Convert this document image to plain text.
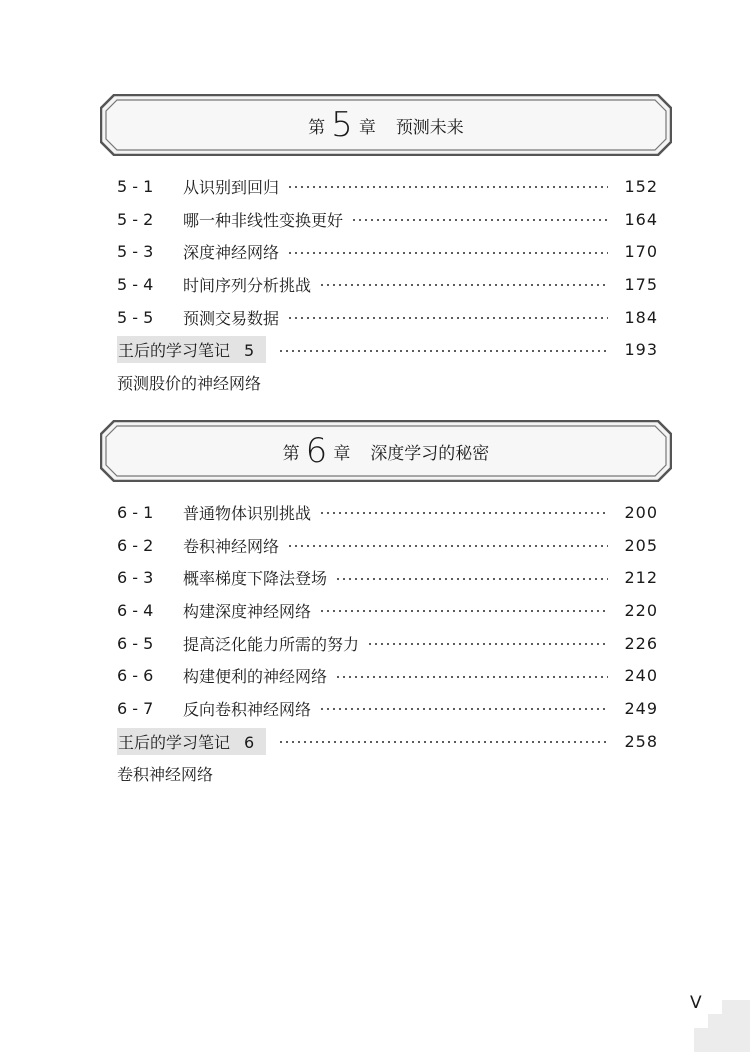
第 5 章 预测未来
5 - 1	从识别到回归	152
5 - 2	哪一种非线性变换更好	164
5 - 3	深度神经网络	170
5 - 4	时间序列分析挑战	175
5 - 5	预测交易数据	184
王后的学习笔记 5	193
预测股价的神经网络
第 6 章 深度学习的秘密
6 - 1	普通物体识别挑战	200
6 - 2	卷积神经网络	205
6 - 3	概率梯度下降法登场	212
6 - 4	构建深度神经网络	220
6 - 5	提高泛化能力所需的努力	226
6 - 6	构建便利的神经网络	240
6 - 7	反向卷积神经网络	249
王后的学习笔记 6	258
卷积神经网络
V
